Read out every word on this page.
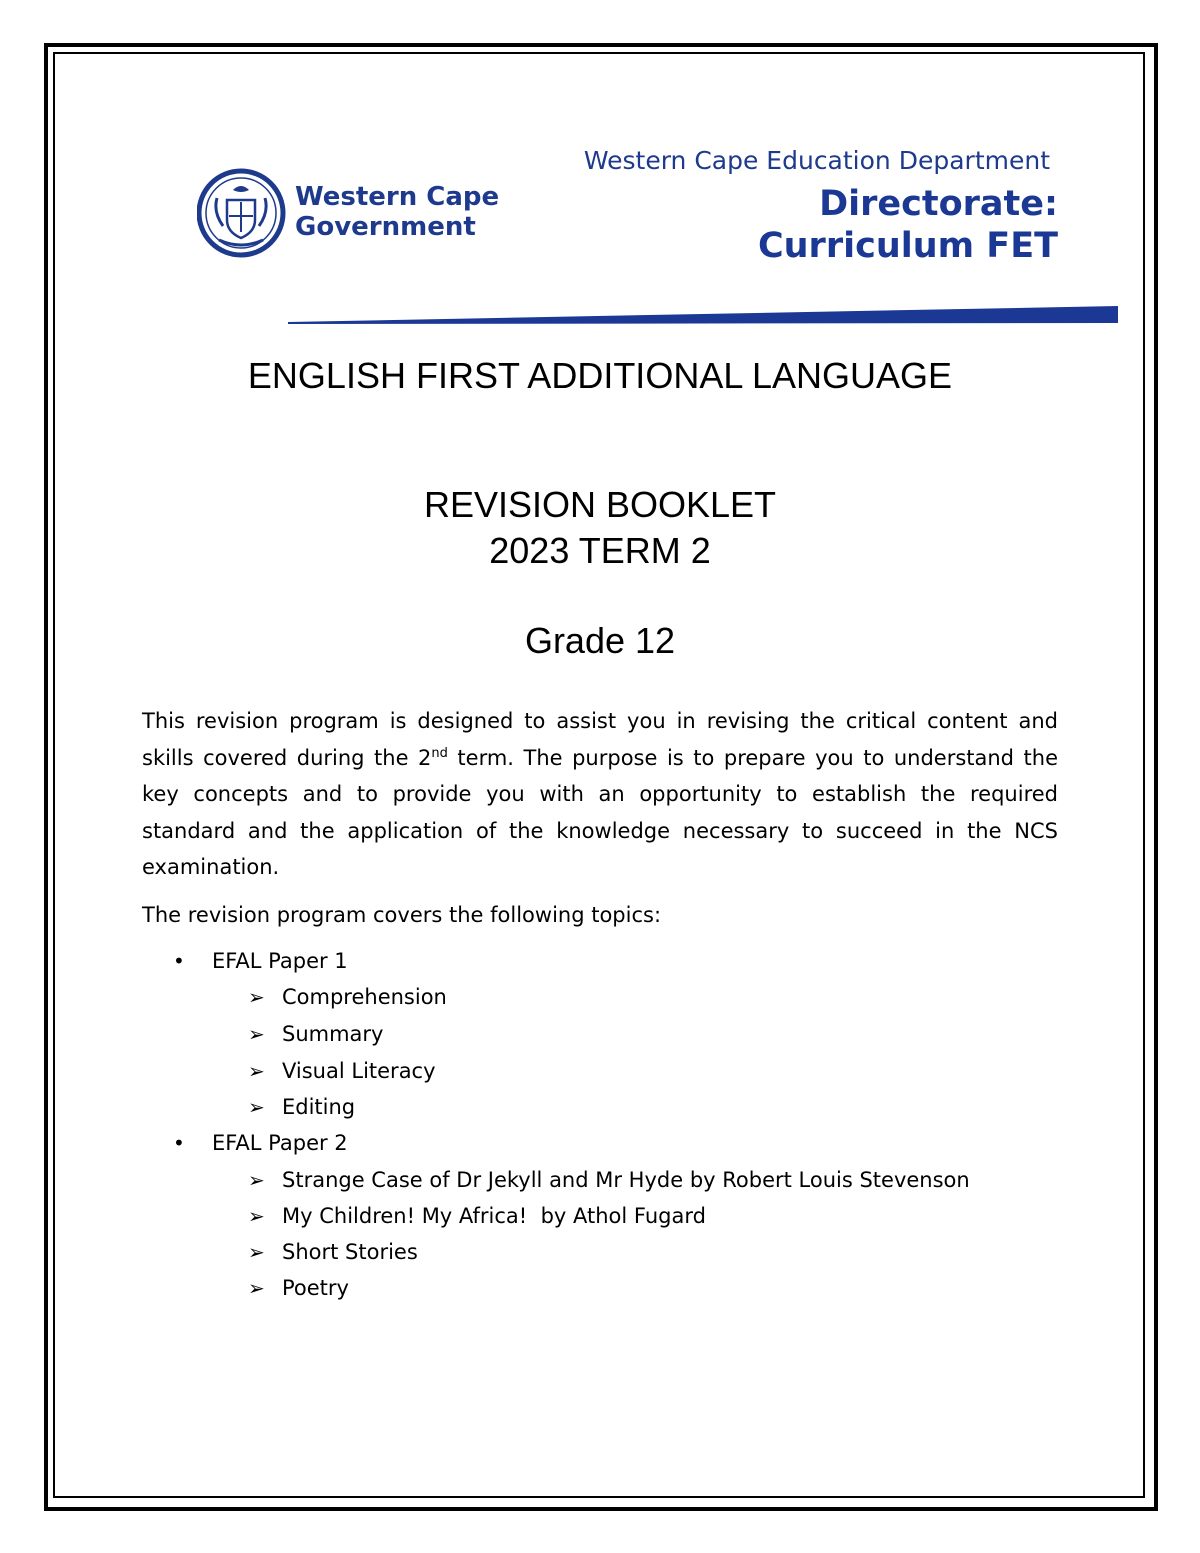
Western Cape
Government
Western Cape Education Department
Directorate:
Curriculum FET
ENGLISH FIRST ADDITIONAL LANGUAGE
REVISION BOOKLET
2023 TERM 2
Grade 12
This revision program is designed to assist you in revising the critical content and skills covered during the 2nd term. The purpose is to prepare you to understand the key concepts and to provide you with an opportunity to establish the required standard and the application of the knowledge necessary to succeed in the NCS examination.
The revision program covers the following topics:
• EFAL Paper 1
➢ Comprehension
➢ Summary
➢ Visual Literacy
➢ Editing
• EFAL Paper 2
➢ Strange Case of Dr Jekyll and Mr Hyde by Robert Louis Stevenson
➢ My Children! My Africa!  by Athol Fugard
➢ Short Stories
➢ Poetry
